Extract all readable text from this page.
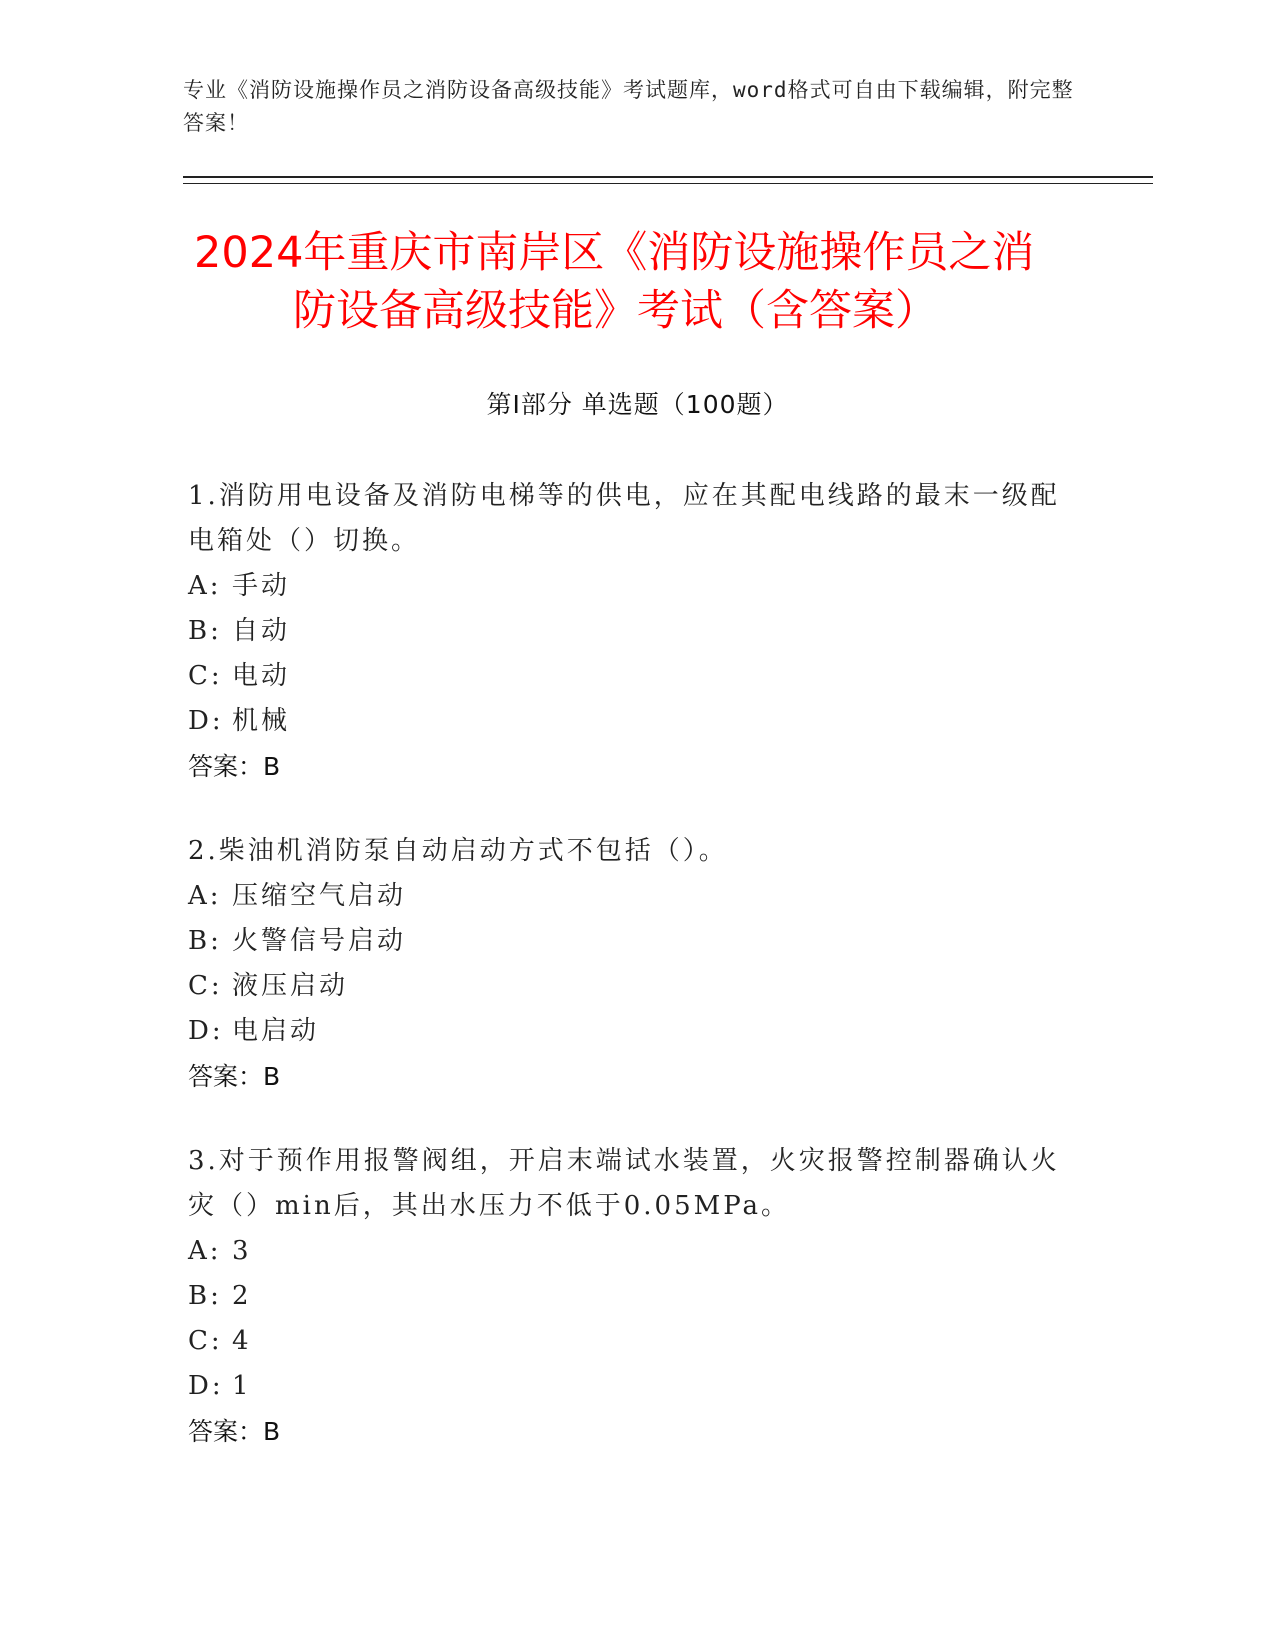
专业《消防设施操作员之消防设备高级技能》考试题库，word格式可自由下载编辑，附完整答案！
2024年重庆市南岸区《消防设施操作员之消
防设备高级技能》考试（含答案）
第Ⅰ部分 单选题（100题）
1.消防用电设备及消防电梯等的供电，应在其配电线路的最末一级配电箱处（）切换。
A: 手动
B: 自动
C: 电动
D: 机械
答案：B
2.柴油机消防泵自动启动方式不包括（）。
A: 压缩空气启动
B: 火警信号启动
C: 液压启动
D: 电启动
答案：B
3.对于预作用报警阀组，开启末端试水装置，火灾报警控制器确认火灾（）min后，其出水压力不低于0.05MPa。
A: 3
B: 2
C: 4
D: 1
答案：B
